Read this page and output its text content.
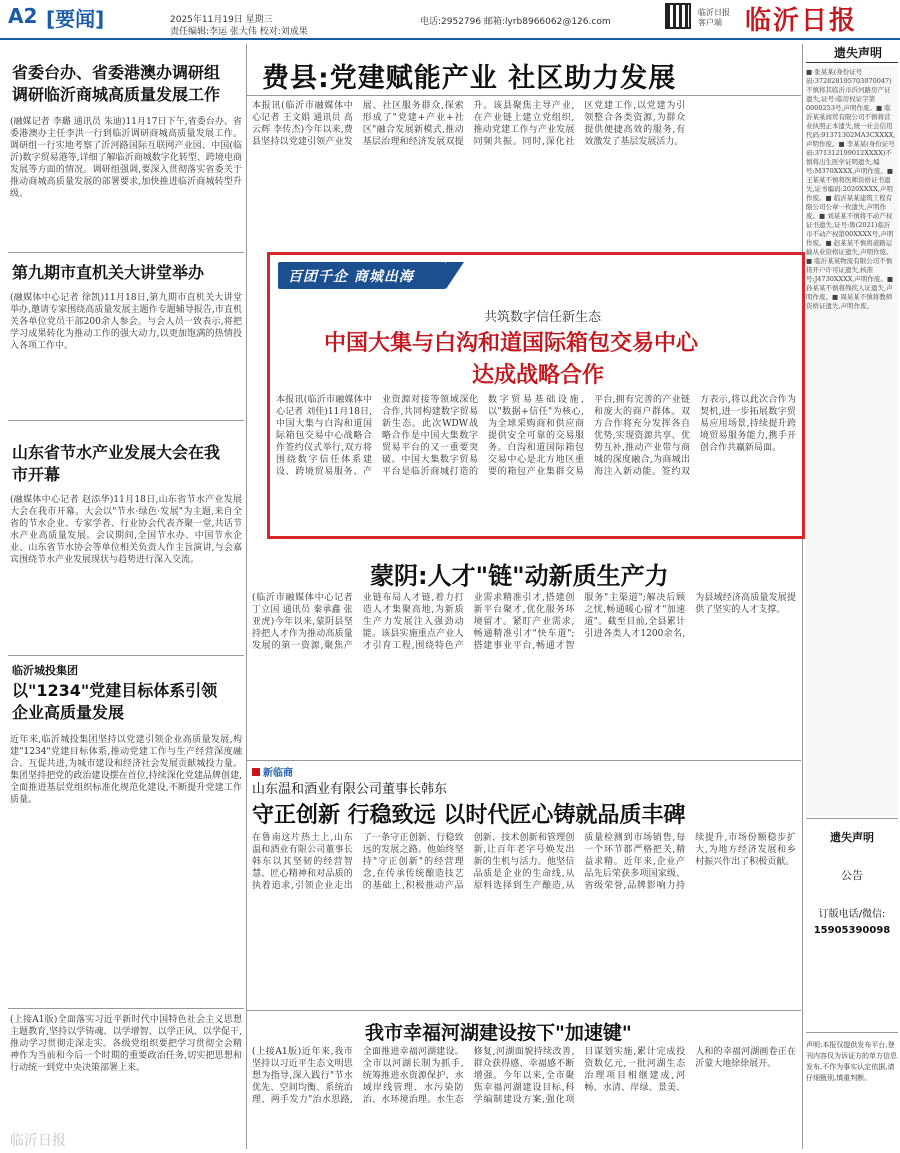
A2 [要闻]	2025年11月19日 星期三
责任编辑:李运 张大伟 校对:刘成果
电话:2952796 邮箱:lyrb8966062@126.com
临沂日报
客户端 临沂日报
省委台办、省委港澳办调研组调研临沂商城高质量发展工作
(融媒记者 李璐 通讯员 朱迪)11月17日下午,省委台办、省委港澳办主任李洪一行到临沂调研商城高质量发展工作。调研组一行实地考察了沂河路国际互联网产业园、中国(临沂)数字贸易港等,详细了解临沂商城数字化转型、跨境电商发展等方面的情况。调研组强调,要深入贯彻落实省委关于推动商城高质量发展的部署要求,加快推进临沂商城转型升级。
第九期市直机关大讲堂举办
(融媒体中心记者 徐凯)11月18日,第九期市直机关大讲堂举办,邀请专家围绕高质量发展主题作专题辅导报告,市直机关各单位党员干部200余人参会。与会人员一致表示,将把学习成果转化为推动工作的强大动力,以更加饱满的热情投入各项工作中。
山东省节水产业发展大会在我市开幕
(融媒体中心记者 赵添华)11月18日,山东省节水产业发展大会在我市开幕。大会以"节水·绿色·发展"为主题,来自全省的节水企业、专家学者、行业协会代表齐聚一堂,共话节水产业高质量发展。会议期间,全国节水办、中国节水企业、山东省节水协会等单位相关负责人作主旨演讲,与会嘉宾围绕节水产业发展现状与趋势进行深入交流。
临沂城投集团
以"1234"党建目标体系引领企业高质量发展
近年来,临沂城投集团坚持以党建引领企业高质量发展,构建"1234"党建目标体系,推动党建工作与生产经营深度融合、互促共进,为城市建设和经济社会发展贡献城投力量。集团坚持把党的政治建设摆在首位,持续深化党建品牌创建,全面推进基层党组织标准化规范化建设,不断提升党建工作质量。
(上接A1版)全面落实习近平新时代中国特色社会主义思想主题教育,坚持以学铸魂、以学增智、以学正风、以学促干,推动学习贯彻走深走实。各级党组织要把学习贯彻全会精神作为当前和今后一个时期的重要政治任务,切实把思想和行动统一到党中央决策部署上来。
费县:党建赋能产业 社区助力发展
本报讯(临沂市融媒体中心记者 王文娟 通讯员 高云辉 李传杰)今年以来,费县坚持以党建引领产业发展、社区服务群众,探索形成了"党建+产业+社区"融合发展新模式,推动基层治理和经济发展双提升。该县聚焦主导产业,在产业链上建立党组织,推动党建工作与产业发展同频共振。同时,深化社区党建工作,以党建为引领整合各类资源,为群众提供便捷高效的服务,有效激发了基层发展活力。
百团千企 商城出海
共筑数字信任新生态
中国大集与白沟和道国际箱包交易中心
达成战略合作
本报讯(临沂市融媒体中心记者 刘佳)11月18日,中国大集与白沟和道国际箱包交易中心战略合作签约仪式举行,双方将围绕数字信任体系建设、跨境贸易服务、产业资源对接等领域深化合作,共同构建数字贸易新生态。此次WDW战略合作是中国大集数字贸易平台的又一重要突破。中国大集数字贸易平台是临沂商城打造的数字贸易基础设施,以"数据+信任"为核心,为全球采购商和供应商提供安全可靠的交易服务。白沟和道国际箱包交易中心是北方地区重要的箱包产业集群交易平台,拥有完善的产业链和庞大的商户群体。双方合作将充分发挥各自优势,实现资源共享、优势互补,推动产业带与商城的深度融合,为商城出海注入新动能。签约双方表示,将以此次合作为契机,进一步拓展数字贸易应用场景,持续提升跨境贸易服务能力,携手开创合作共赢新局面。
蒙阴:人才"链"动新质生产力
(临沂市融媒体中心记者 丁立国 通讯员 秦承鑫 张亚虎)今年以来,蒙阴县坚持把人才作为推动高质量发展的第一资源,聚焦产业链布局人才链,着力打造人才集聚高地,为新质生产力发展注入强劲动能。该县实施重点产业人才引育工程,围绕特色产业需求精准引才,搭建创新平台聚才,优化服务环境留才。紧盯产业需求,畅通精准引才"快车道";搭建事业平台,畅通才智服务"主渠道";解决后顾之忧,畅通暖心留才"加速道"。截至目前,全县累计引进各类人才1200余名,为县域经济高质量发展提供了坚实的人才支撑。
新临商
山东温和酒业有限公司董事长韩东
守正创新 行稳致远 以时代匠心铸就品质丰碑
在鲁南这片热土上,山东温和酒业有限公司董事长韩东以其坚韧的经营智慧、匠心精神和对品质的执着追求,引领企业走出了一条守正创新、行稳致远的发展之路。他始终坚持"守正创新"的经营理念,在传承传统酿造技艺的基础上,积极推动产品创新、技术创新和管理创新,让百年老字号焕发出新的生机与活力。他坚信品质是企业的生命线,从原料选择到生产酿造,从质量检测到市场销售,每一个环节都严格把关,精益求精。近年来,企业产品先后荣获多项国家级、省级荣誉,品牌影响力持续提升,市场份额稳步扩大,为地方经济发展和乡村振兴作出了积极贡献。
我市幸福河湖建设按下"加速键"
(上接A1版)近年来,我市坚持以习近平生态文明思想为指导,深入践行"节水优先、空间均衡、系统治理、两手发力"治水思路,全面推进幸福河湖建设。全市以河湖长制为抓手,统筹推进水资源保护、水域岸线管理、水污染防治、水环境治理、水生态修复,河湖面貌持续改善,群众获得感、幸福感不断增强。今年以来,全市聚焦幸福河湖建设目标,科学编制建设方案,强化项目谋划实施,累计完成投资数亿元,一批河湖生态治理项目相继建成,河畅、水清、岸绿、景美、人和的幸福河湖画卷正在沂蒙大地徐徐展开。
遗失声明
■ 张某某(身份证号码:372828195703070047)不慎将其临沂市沂河路房产证遗失,证号:临房权证字第0000253号,声明作废。■ 临沂某某商贸有限公司不慎将营业执照正本遗失,统一社会信用代码:91371302MA3CXXXX,声明作废。■ 李某某(身份证号码:371312199012XXXX)不慎将出生医学证明遗失,编号:M370XXXX,声明作废。■ 王某某不慎将医师资格证书遗失,证书编码:2020XXXX,声明作废。■ 临沂某某建筑工程有限公司公章一枚遗失,声明作废。■ 刘某某不慎将不动产权证书遗失,证号:鲁(2021)临沂市不动产权第00XXXX号,声明作废。■ 赵某某不慎将道路运输从业资格证遗失,声明作废。■ 临沂某某物流有限公司不慎将开户许可证遗失,核准号:J4730XXXX,声明作废。■ 孙某某不慎将残疾人证遗失,声明作废。■ 周某某不慎将教师资格证遗失,声明作废。
遗失声明
公告
订版电话/微信:
15905390098
声明:本报仅提供发布平台,登刊内容仅为诉证方的单方信息发布,不作为事实认定依据,请仔细甄别,慎重判断。
临沂日报
